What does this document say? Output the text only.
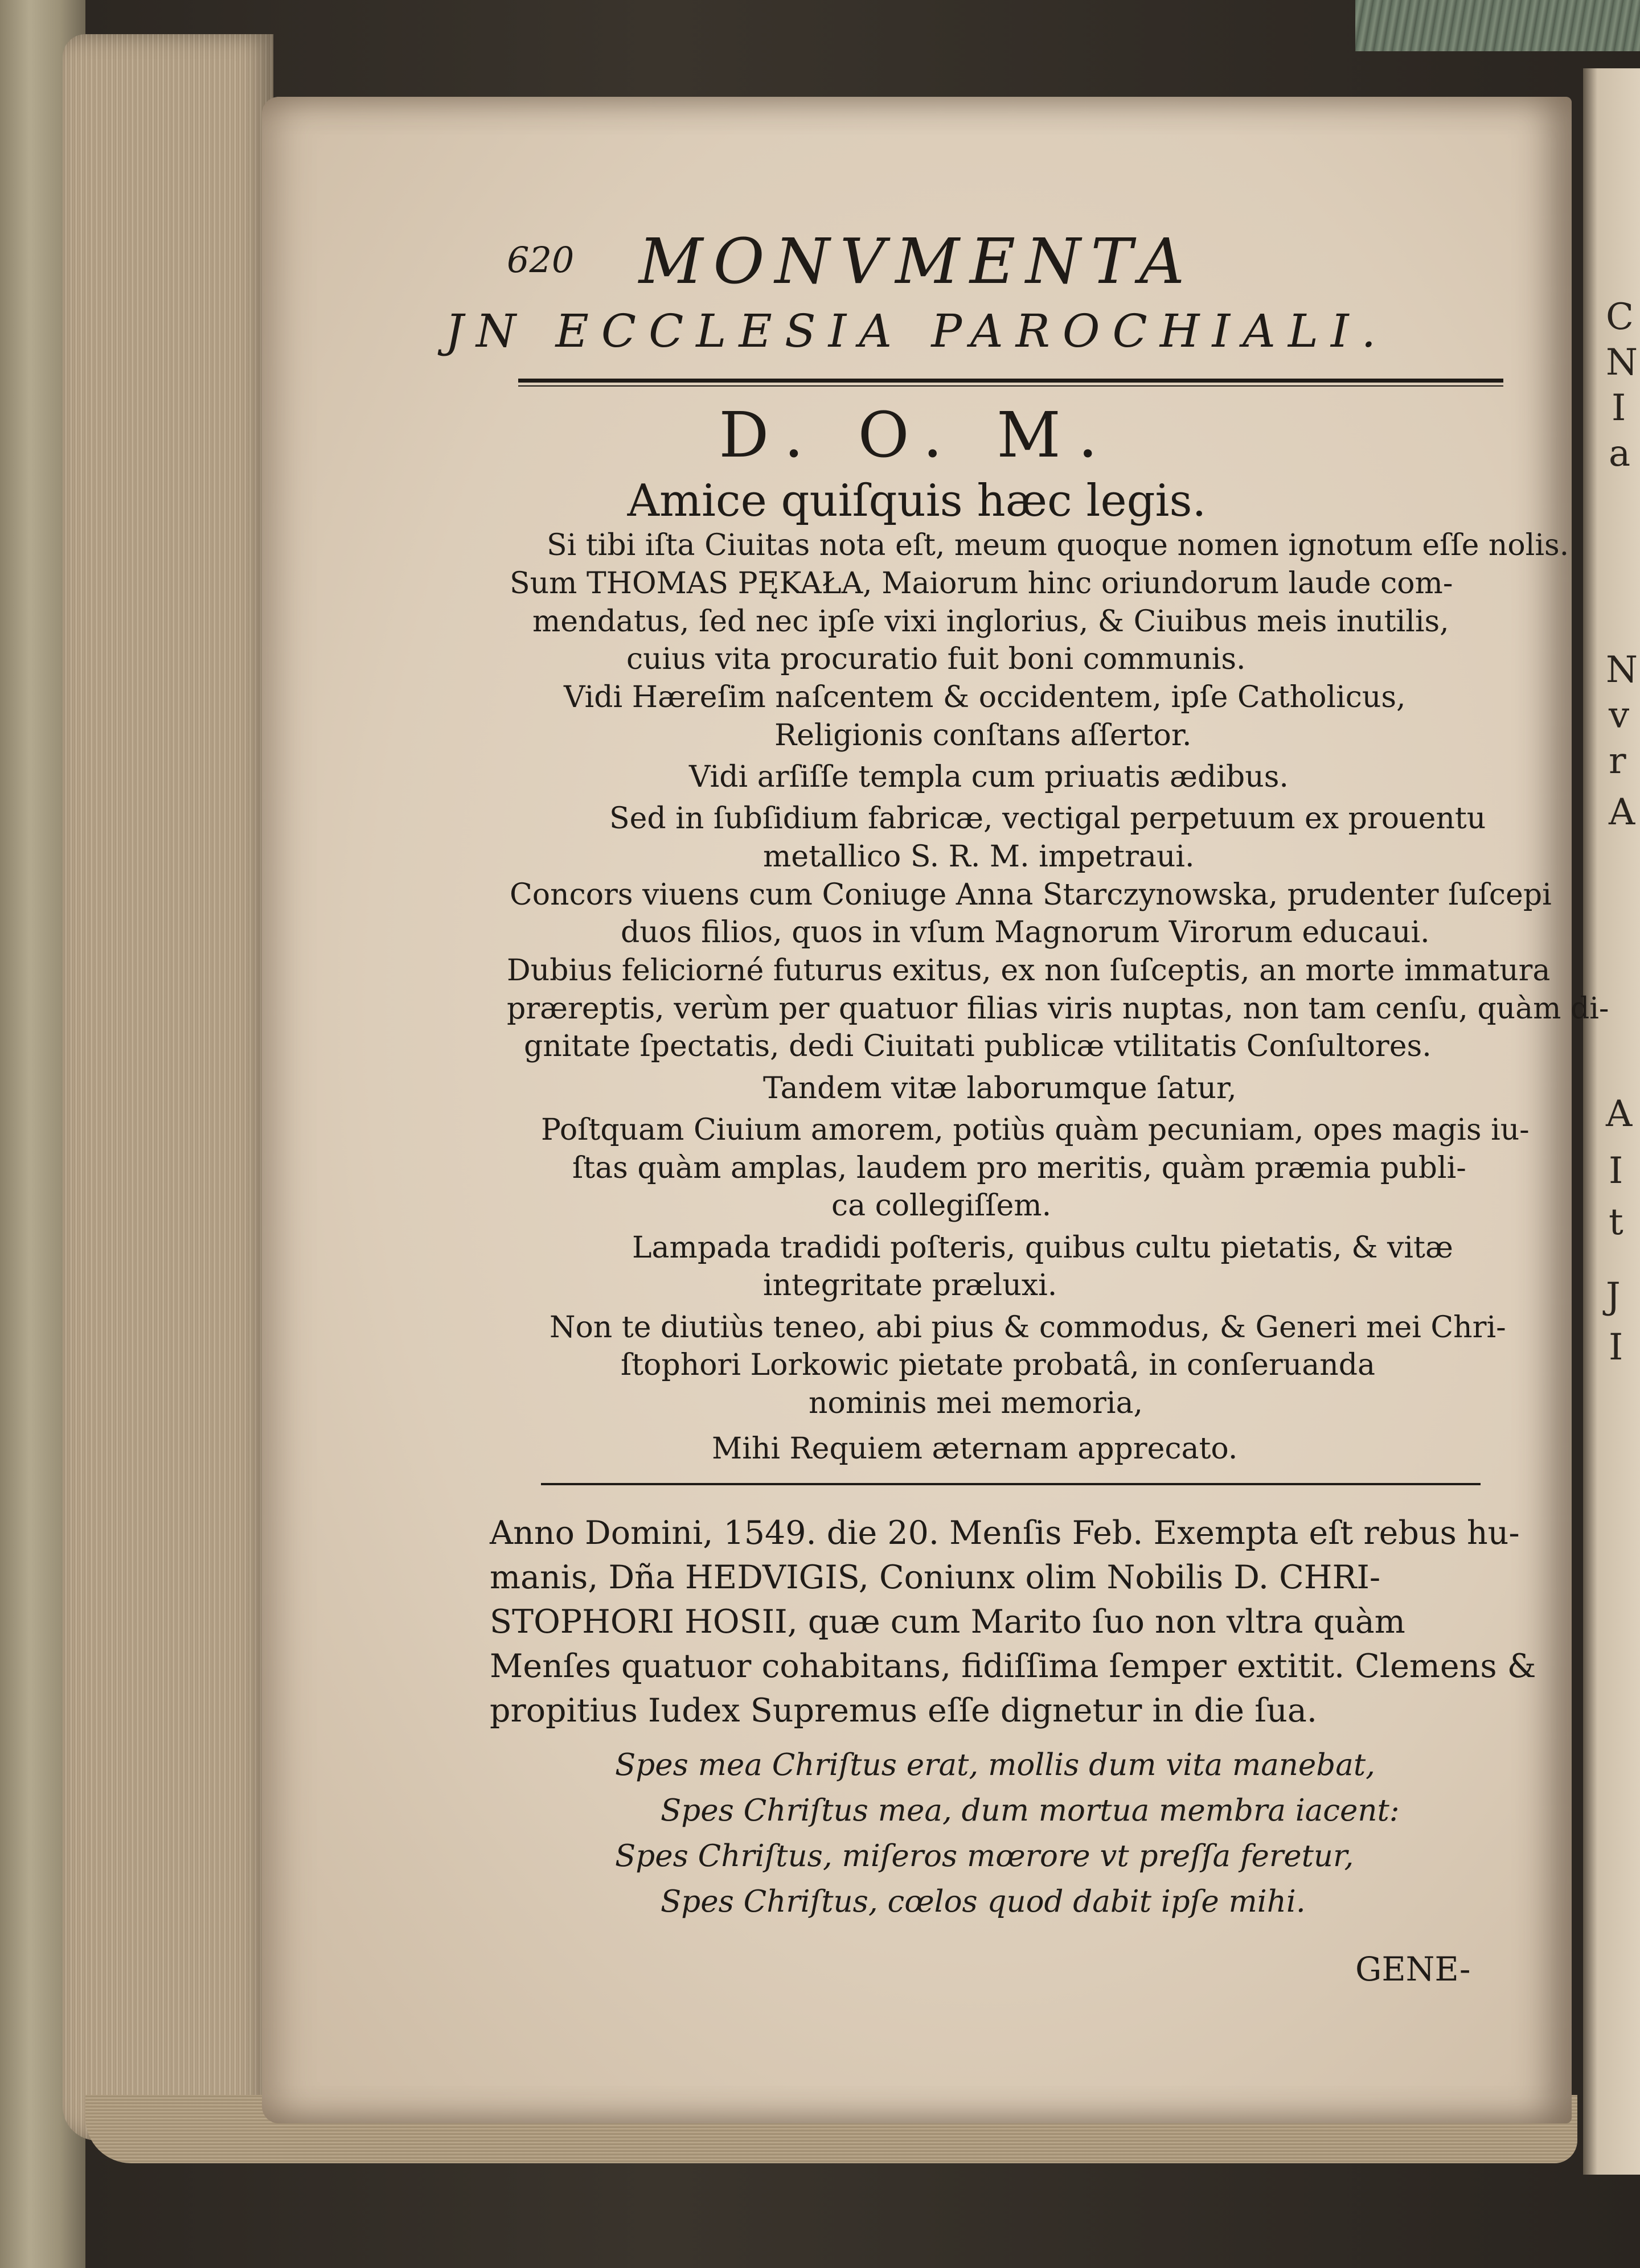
C
N
I
a
N
v
r
A
A
I
t
J
I
620	MONVMENTA
JN ECCLESIA PAROCHIALI.
D. O. M.
Amice quiſquis hæc legis.
Si tibi iſta Ciuitas nota eſt, meum quoque nomen ignotum eſſe nolis.
Sum THOMAS PĘKAŁA, Maiorum hinc oriundorum laude com-
mendatus, ſed nec ipſe vixi inglorius, & Ciuibus meis inutilis,
cuius vita procuratio fuit boni communis.
Vidi Hæreſim naſcentem & occidentem, ipſe Catholicus,
Religionis conſtans aſſertor.
Vidi arſiſſe templa cum priuatis ædibus.
Sed in ſubſidium fabricæ, vectigal perpetuum ex prouentu
metallico S. R. M. impetraui.
Concors viuens cum Coniuge Anna Starczynowska, prudenter ſuſcepi
duos filios, quos in vſum Magnorum Virorum educaui.
Dubius feliciorné futurus exitus, ex non ſuſceptis, an morte immatura
præreptis, verùm per quatuor filias viris nuptas, non tam cenſu, quàm di-
gnitate ſpectatis, dedi Ciuitati publicæ vtilitatis Conſultores.
Tandem vitæ laborumque ſatur,
Poſtquam Ciuium amorem, potiùs quàm pecuniam, opes magis iu-
ſtas quàm amplas, laudem pro meritis, quàm præmia publi-
ca collegiſſem.
Lampada tradidi poſteris, quibus cultu pietatis, & vitæ
integritate præluxi.
Non te diutiùs teneo, abi pius & commodus, & Generi mei Chri-
ſtophori Lorkowic pietate probatâ, in conſeruanda
nominis mei memoria,
Mihi Requiem æternam apprecato.
Anno Domini, 1549. die 20. Menſis Feb. Exempta eſt rebus hu-
manis, Dña HEDVIGIS, Coniunx olim Nobilis D. CHRI-
STOPHORI HOSII, quæ cum Marito ſuo non vltra quàm
Menſes quatuor cohabitans, fidiſſima ſemper extitit. Clemens &
propitius Iudex Supremus eſſe dignetur in die ſua.
Spes mea Chriſtus erat, mollis dum vita manebat,
Spes Chriſtus mea, dum mortua membra iacent:
Spes Chriſtus, miſeros mœrore vt preſſa feretur,
Spes Chriſtus, cœlos quod dabit ipſe mihi.
GENE-
